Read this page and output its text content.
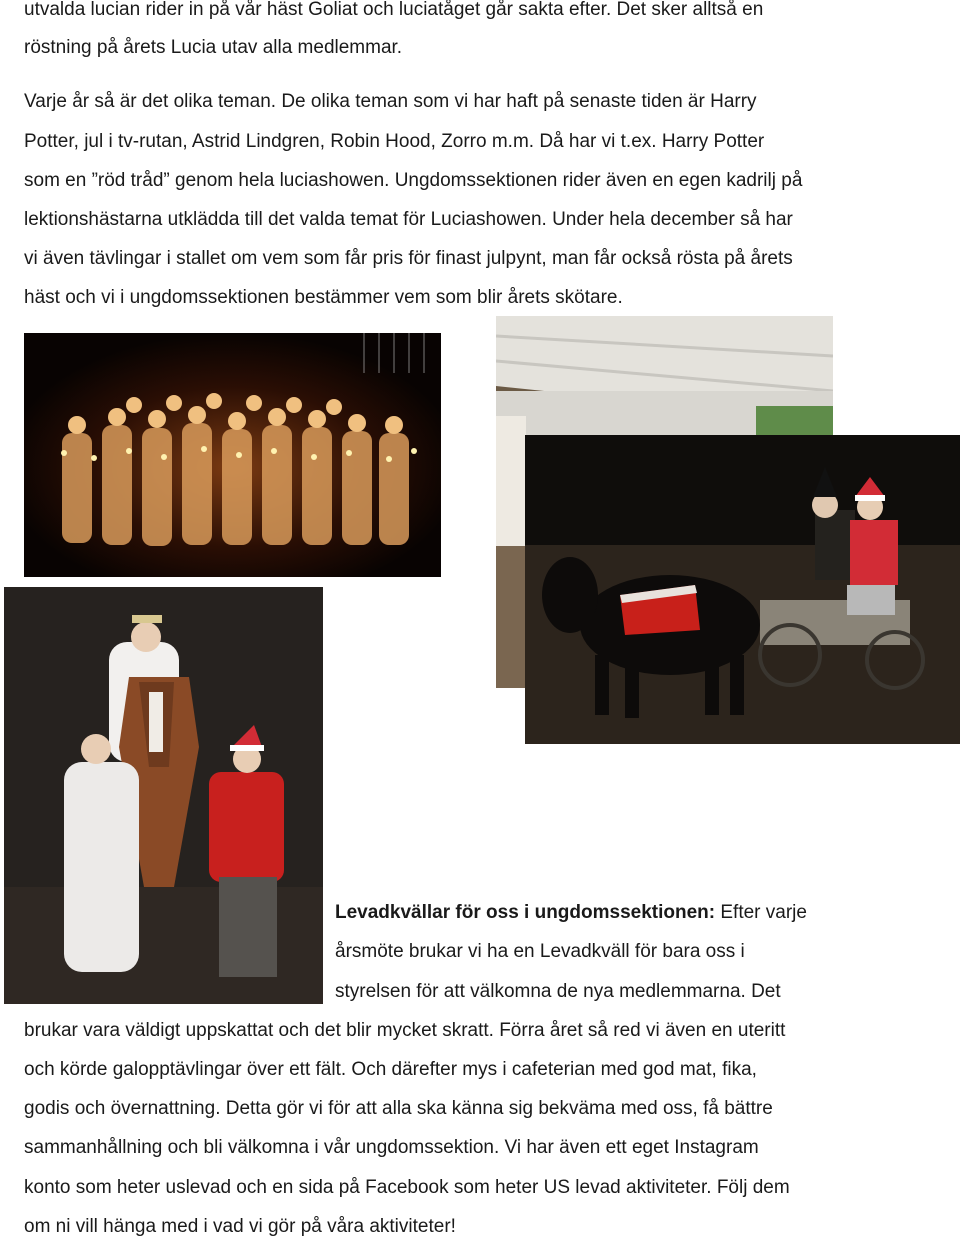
utvalda lucian rider in på vår häst Goliat och luciatåget går sakta efter. Det sker alltså en
röstning på årets Lucia utav alla medlemmar.
Varje år så är det olika teman. De olika teman som vi har haft på senaste tiden är Harry
Potter, jul i tv-rutan, Astrid Lindgren, Robin Hood, Zorro m.m. Då har vi t.ex. Harry Potter
som en ”röd tråd” genom hela luciashowen. Ungdomssektionen rider även en egen kadrilj på
lektionshästarna utklädda till det valda temat för Luciashowen. Under hela december så har
vi även tävlingar i stallet om vem som får pris för finast julpynt, man får också rösta på årets
häst och vi i ungdomssektionen bestämmer vem som blir årets skötare.
Levadkvällar för oss i ungdomssektionen: Efter varje
årsmöte brukar vi ha en Levadkväll för bara oss i
styrelsen för att välkomna de nya medlemmarna. Det
brukar vara väldigt uppskattat och det blir mycket skratt. Förra året så red vi även en uteritt
och körde galopptävlingar över ett fält. Och därefter mys i cafeterian med god mat, fika,
godis och övernattning. Detta gör vi för att alla ska känna sig bekväma med oss, få bättre
sammanhållning och bli välkomna i vår ungdomssektion. Vi har även ett eget Instagram
konto som heter uslevad och en sida på Facebook som heter US levad aktiviteter. Följ dem
om ni vill hänga med i vad vi gör på våra aktiviteter!
